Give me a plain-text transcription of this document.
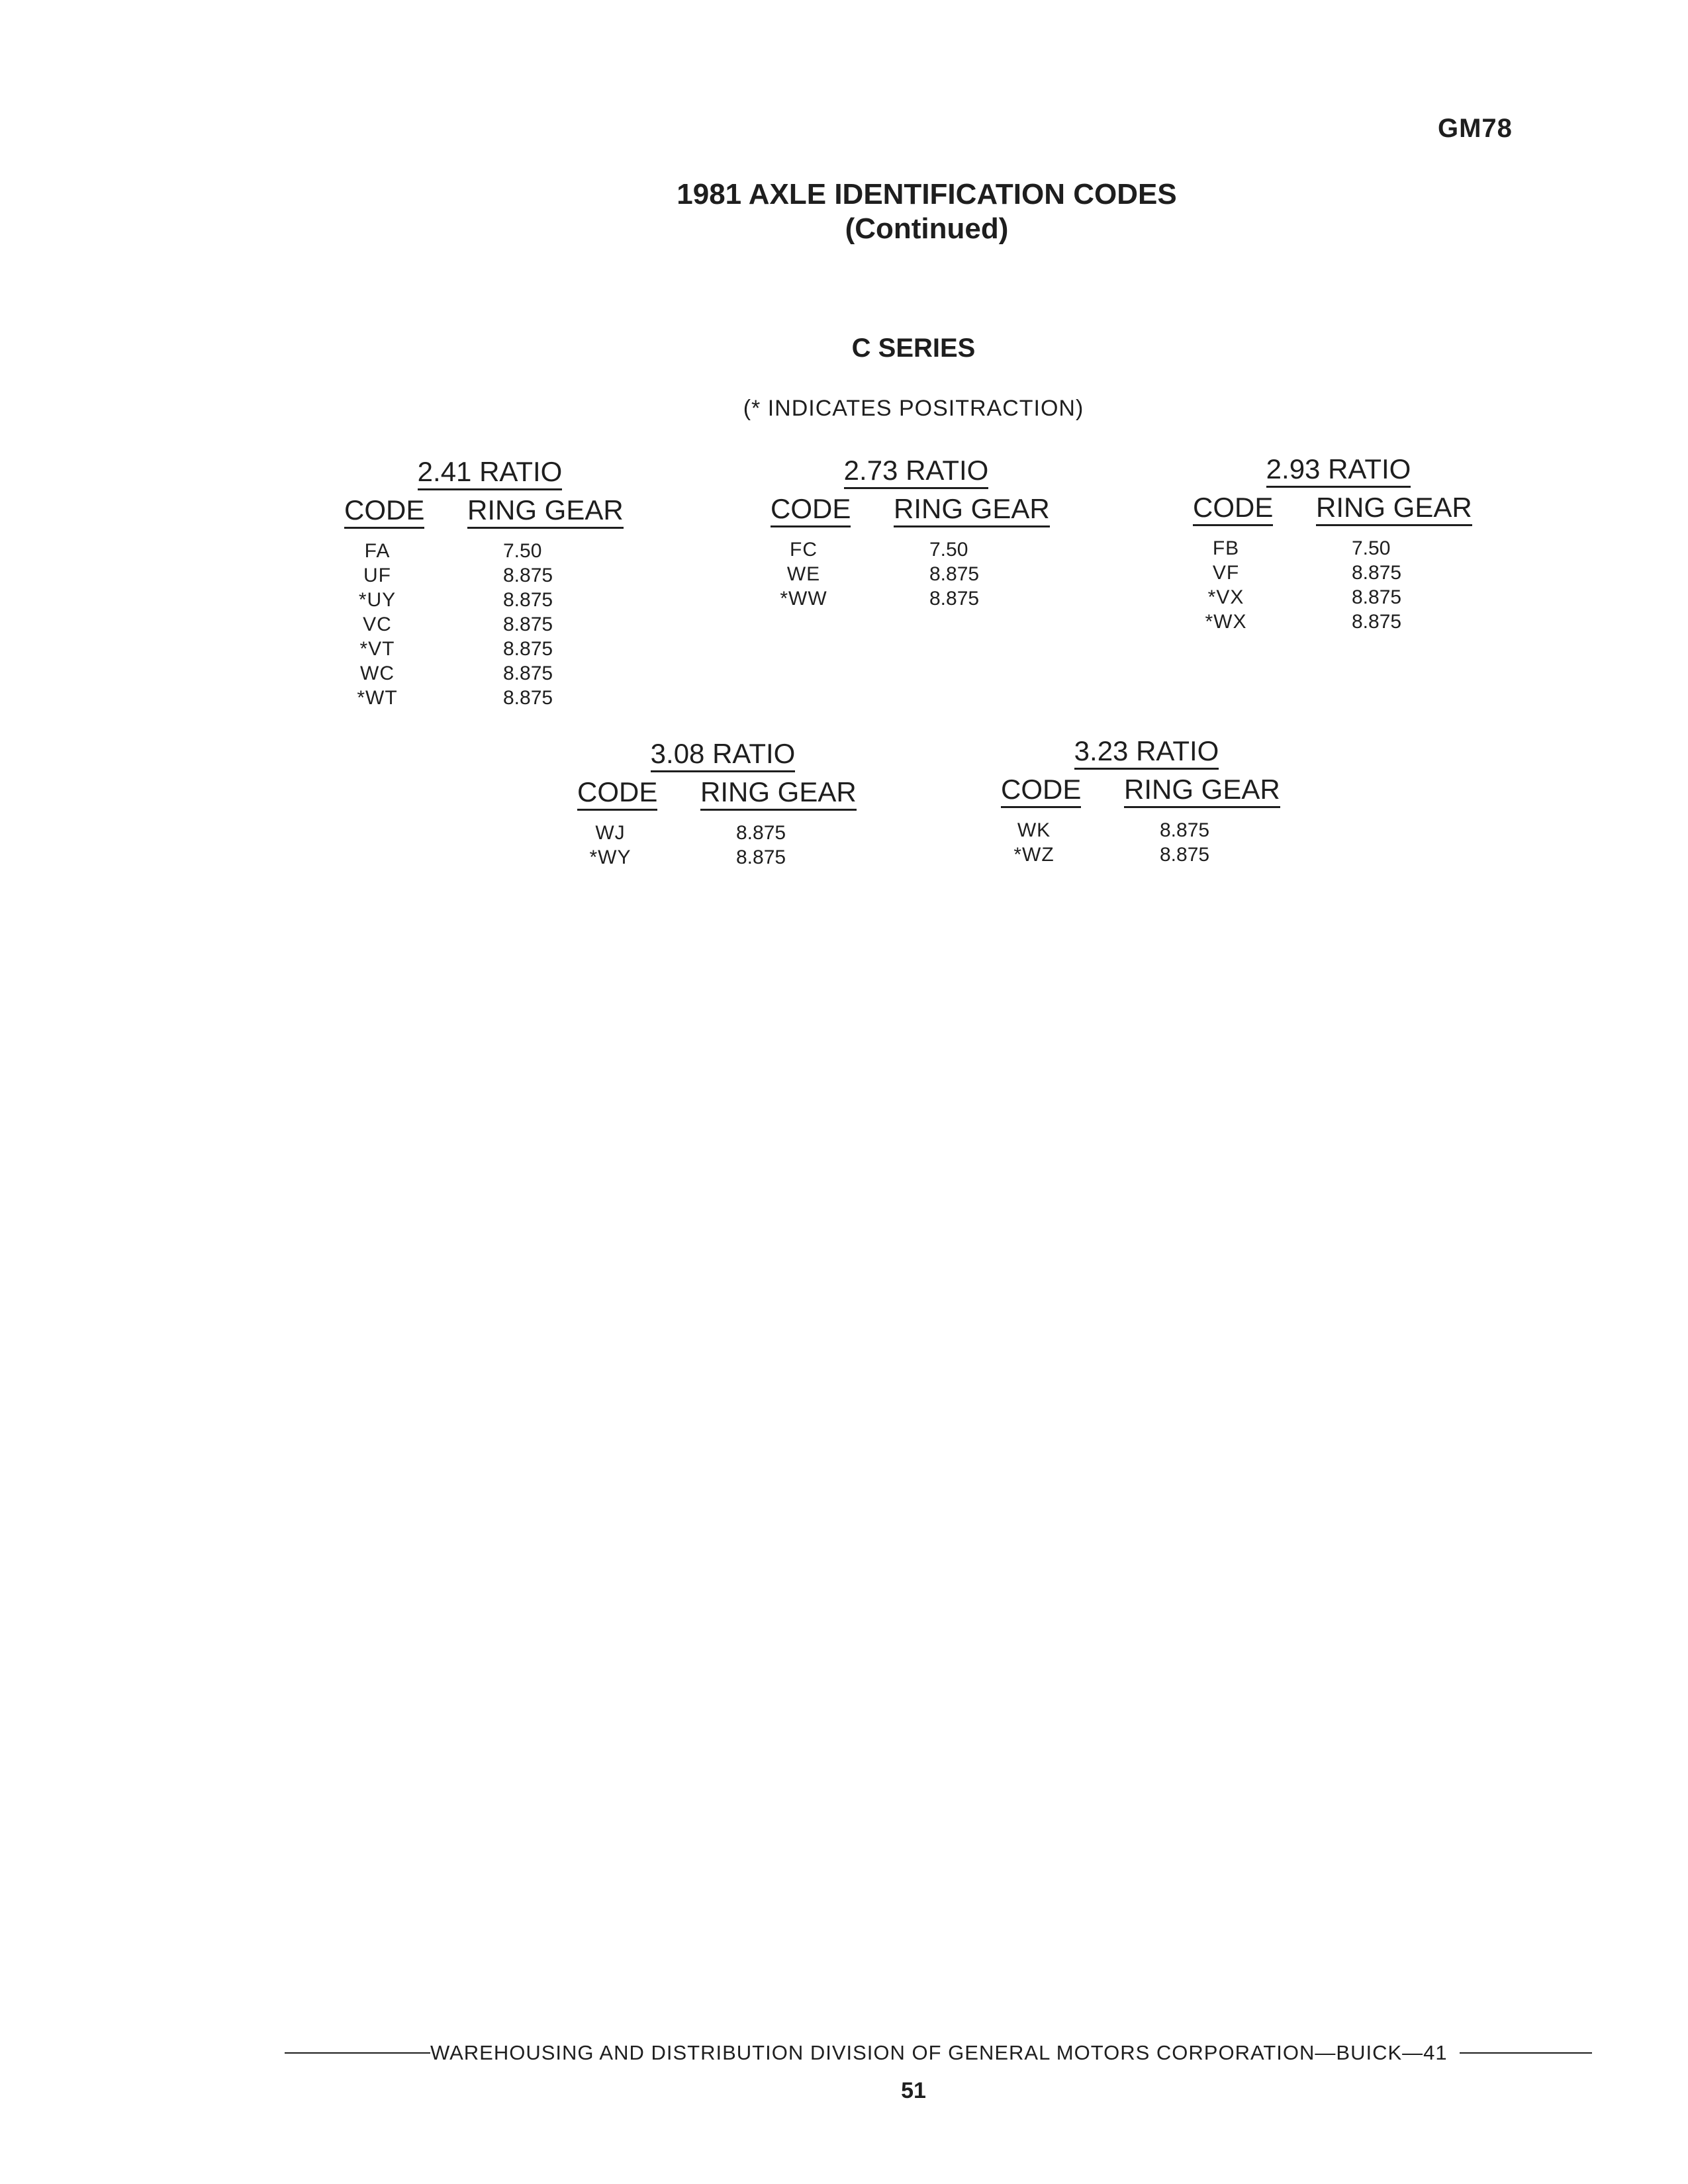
GM78
1981 AXLE IDENTIFICATION CODES
(Continued)
C SERIES
(* INDICATES POSITRACTION)
2.41 RATIO
CODE RING GEAR
FA	7.50
UF	8.875
*UY	8.875
VC	8.875
*VT	8.875
WC	8.875
*WT	8.875
2.73 RATIO
CODE RING GEAR
FC	7.50
WE	8.875
*WW	8.875
2.93 RATIO
CODE RING GEAR
FB	7.50
VF	8.875
*VX	8.875
*WX	8.875
3.08 RATIO
CODE RING GEAR
WJ	8.875
*WY	8.875
3.23 RATIO
CODE RING GEAR
WK	8.875
*WZ	8.875
WAREHOUSING AND DISTRIBUTION DIVISION OF GENERAL MOTORS CORPORATION—BUICK—41
51
